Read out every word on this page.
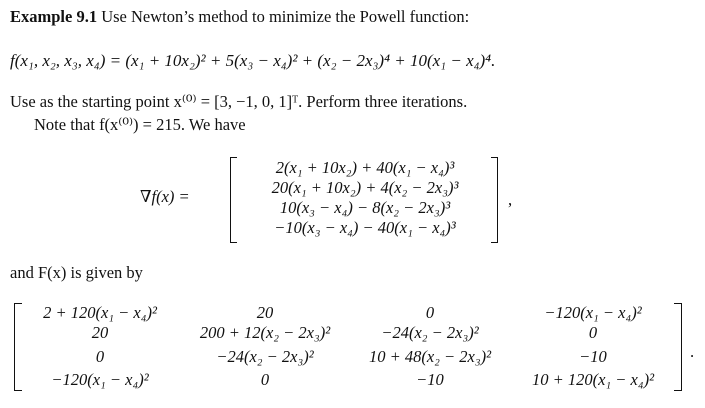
Example 9.1 Use Newton’s method to minimize the Powell function:
f(x₁, x₂, x₃, x₄) = (x₁ + 10x₂)² + 5(x₃ − x₄)² + (x₂ − 2x₃)⁴ + 10(x₁ − x₄)⁴.
Use as the starting point x⁽⁰⁾ = [3, −1, 0, 1]ᵀ. Perform three iterations.
Note that f(x⁽⁰⁾) = 215. We have
∇f(x) =	,
2(x₁ + 10x₂) + 40(x₁ − x₄)³
20(x₁ + 10x₂) + 4(x₂ − 2x₃)³
10(x₃ − x₄) − 8(x₂ − 2x₃)³
−10(x₃ − x₄) − 40(x₁ − x₄)³
and F(x) is given by
.
2 + 120(x₁ − x₄)²	20	0	−120(x₁ − x₄)²
20	200 + 12(x₂ − 2x₃)²	−24(x₂ − 2x₃)²	0
0	−24(x₂ − 2x₃)²	10 + 48(x₂ − 2x₃)²	−10
−120(x₁ − x₄)²	0	−10	10 + 120(x₁ − x₄)²
